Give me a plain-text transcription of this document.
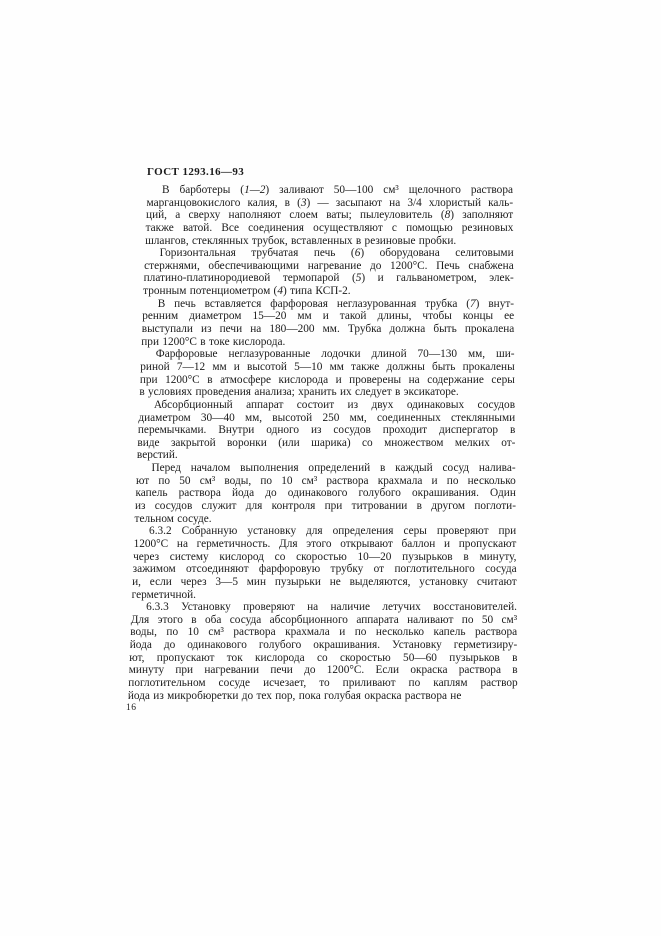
ГОСТ 1293.16—93

В барботеры (1—2) заливают 50—100 см³ щелочного раствора
марганцовокислого калия, в (3) — засыпают на 3/4 хлористый каль-
ций, а сверху наполняют слоем ваты; пылеуловитель (8) заполняют
также ватой. Все соединения осуществляют с помощью резиновых
шлангов, стеклянных трубок, вставленных в резиновые пробки.

Горизонтальная трубчатая печь (6) оборудована селитовыми
стержнями, обеспечивающими нагревание до 1200°С. Печь снабжена
платино-платинородиевой термопарой (5) и гальванометром, элек-
тронным потенциометром (4) типа КСП-2.

В печь вставляется фарфоровая неглазурованная трубка (7) внут-
ренним диаметром 15—20 мм и такой длины, чтобы концы ее
выступали из печи на 180—200 мм. Трубка должна быть прокалена
при 1200°С в токе кислорода.

Фарфоровые неглазурованные лодочки длиной 70—130 мм, ши-
риной 7—12 мм и высотой 5—10 мм также должны быть прокалены
при 1200°С в атмосфере кислорода и проверены на содержание серы
в условиях проведения анализа; хранить их следует в эксикаторе.

Абсорбционный аппарат состоит из двух одинаковых сосудов
диаметром 30—40 мм, высотой 250 мм, соединенных стеклянными
перемычками. Внутри одного из сосудов проходит диспергатор в
виде закрытой воронки (или шарика) со множеством мелких от-
верстий.

Перед началом выполнения определений в каждый сосуд налива-
ют по 50 см³ воды, по 10 см³ раствора крахмала и по несколько
капель раствора йода до одинакового голубого окрашивания. Один
из сосудов служит для контроля при титровании в другом поглоти-
тельном сосуде.

6.3.2 Собранную установку для определения серы проверяют при
1200°С на герметичность. Для этого открывают баллон и пропускают
через систему кислород со скоростью 10—20 пузырьков в минуту,
зажимом отсоединяют фарфоровую трубку от поглотительного сосуда
и, если через 3—5 мин пузырьки не выделяются, установку считают
герметичной.

6.3.3 Установку проверяют на наличие летучих восстановителей.
Для этого в оба сосуда абсорбционного аппарата наливают по 50 см³
воды, по 10 см³ раствора крахмала и по несколько капель раствора
йода до одинакового голубого окрашивания. Установку герметизиру-
ют, пропускают ток кислорода со скоростью 50—60 пузырьков в
минуту при нагревании печи до 1200°С. Если окраска раствора в
поглотительном сосуде исчезает, то приливают по каплям раствор
йода из микробюретки до тех пор, пока голубая окраска раствора не

16
